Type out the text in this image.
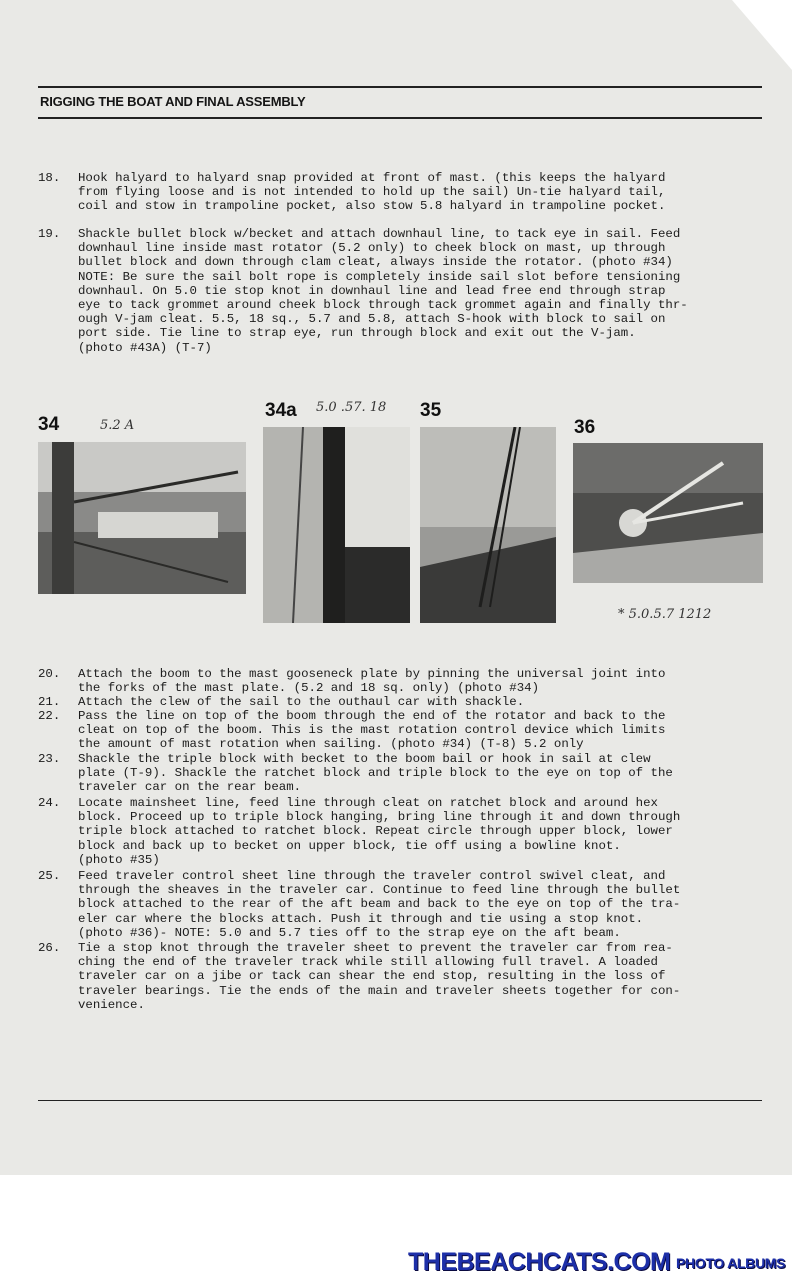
RIGGING THE BOAT AND FINAL ASSEMBLY
18.	Hook halyard to halyard snap provided at front of mast. (this keeps the halyard
from flying loose and is not intended to hold up the sail) Un-tie halyard tail,
coil and stow in trampoline pocket, also stow 5.8 halyard in trampoline pocket.
19.	Shackle bullet block w/becket and attach downhaul line, to tack eye in sail. Feed
downhaul line inside mast rotator (5.2 only) to cheek block on mast, up through
bullet block and down through clam cleat, always inside the rotator. (photo #34)
NOTE: Be sure the sail bolt rope is completely inside sail slot before tensioning
downhaul. On 5.0 tie stop knot in downhaul line and lead free end through strap
eye to tack grommet around cheek block through tack grommet again and finally thr-
ough V-jam cleat. 5.5, 18 sq., 5.7 and 5.8, attach S-hook with block to sail on
port side. Tie line to strap eye, run through block and exit out the V-jam.
(photo #43A) (T-7)
34	5.2 A
34a 5.0 .57. 18 35
36
* 5.0.5.7 1212
20.	Attach the boom to the mast gooseneck plate by pinning the universal joint into
the forks of the mast plate. (5.2 and 18 sq. only) (photo #34)
21.	Attach the clew of the sail to the outhaul car with shackle.
22.	Pass the line on top of the boom through the end of the rotator and back to the
cleat on top of the boom. This is the mast rotation control device which limits
the amount of mast rotation when sailing. (photo #34) (T-8) 5.2 only
23.	Shackle the triple block with becket to the boom bail or hook in sail at clew
plate (T-9). Shackle the ratchet block and triple block to the eye on top of the
traveler car on the rear beam.
24.	Locate mainsheet line, feed line through cleat on ratchet block and around hex
block. Proceed up to triple block hanging, bring line through it and down through
triple block attached to ratchet block. Repeat circle through upper block, lower
block and back up to becket on upper block, tie off using a bowline knot.
(photo #35)
25.	Feed traveler control sheet line through the traveler control swivel cleat, and
through the sheaves in the traveler car. Continue to feed line through the bullet
block attached to the rear of the aft beam and back to the eye on top of the tra-
eler car where the blocks attach. Push it through and tie using a stop knot.
(photo #36)- NOTE: 5.0 and 5.7 ties off to the strap eye on the aft beam.
26.	Tie a stop knot through the traveler sheet to prevent the traveler car from rea-
ching the end of the traveler track while still allowing full travel. A loaded
traveler car on a jibe or tack can shear the end stop, resulting in the loss of
traveler bearings. Tie the ends of the main and traveler sheets together for con-
venience.
THEBEACHCATS.COM PHOTO ALBUMS
